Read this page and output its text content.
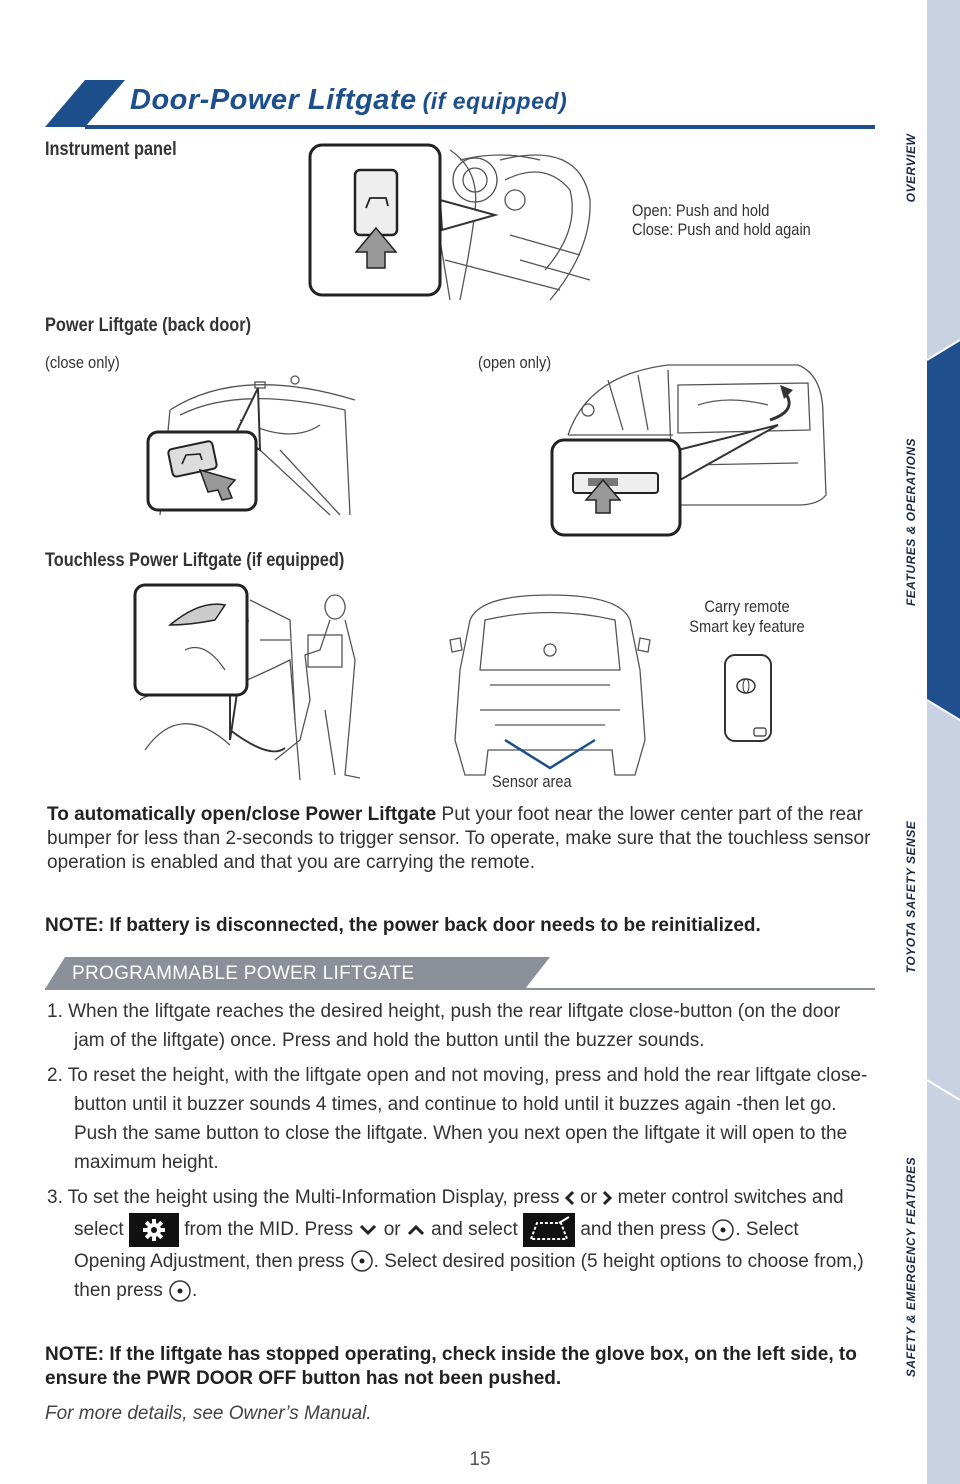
Door-Power Liftgate (if equipped)
Instrument panel
Open: Push and hold
Close: Push and hold again
Power Liftgate (back door)
(close only)	(open only)
Touchless Power Liftgate (if equipped)
Sensor area
Carry remote
Smart key feature
To automatically open/close Power Liftgate Put your foot near the lower center part of the rear bumper for less than 2-seconds to trigger sensor. To operate, make sure that the touchless sensor operation is enabled and that you are carrying the remote.
NOTE: If battery is disconnected, the power back door needs to be reinitialized.
PROGRAMMABLE POWER LIFTGATE
1. When the liftgate reaches the desired height, push the rear liftgate close-button (on the door jam of the liftgate) once. Press and hold the button until the buzzer sounds.
2. To reset the height, with the liftgate open and not moving, press and hold the rear liftgate close-button until it buzzer sounds 4 times, and continue to hold until it buzzes again -then let go. Push the same button to close the liftgate. When you next open the liftgate it will open to the maximum height.
3. To set the height using the Multi-Information Display, press or meter control switches and select	from the MID. Press or and select	and then press . Select Opening Adjustment, then press . Select desired position (5 height options to choose from,) then press .
NOTE: If the liftgate has stopped operating, check inside the glove box, on the left side, to ensure the PWR DOOR OFF button has not been pushed.
For more details, see Owner’s Manual.
15
OVERVIEW
FEATURES & OPERATIONS
TOYOTA SAFETY SENSE
SAFETY & EMERGENCY FEATURES
